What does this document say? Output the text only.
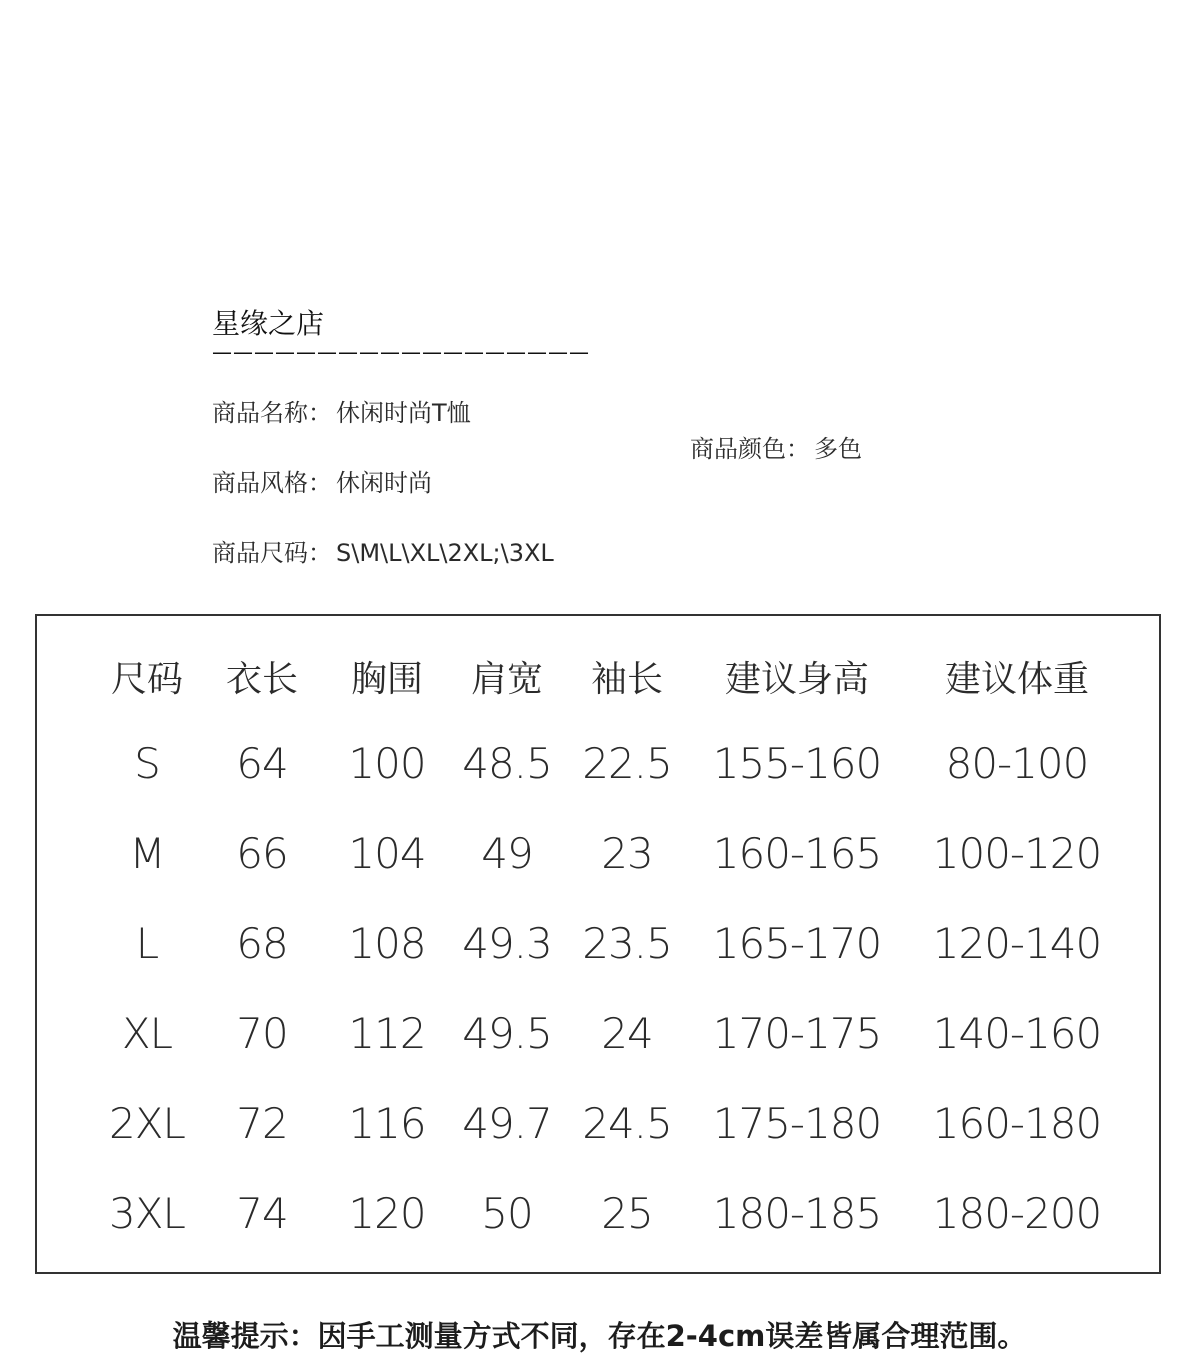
星缘之店
——————————————————
商品名称： 休闲时尚T恤
商品颜色： 多色
商品风格： 休闲时尚
商品尺码： S\M\L\XL\2XL;\3XL
尺码	衣长	胸围	肩宽	袖长	建议身高	建议体重
S	64	100	48.5	22.5	155-160	80-100
M	66	104	49	23	160-165	100-120
L	68	108	49.3	23.5	165-170	120-140
XL	70	112	49.5	24	170-175	140-160
2XL	72	116	49.7	24.5	175-180	160-180
3XL	74	120	50	25	180-185	180-200
温馨提示：因手工测量方式不同，存在2-4cm误差皆属合理范围。
